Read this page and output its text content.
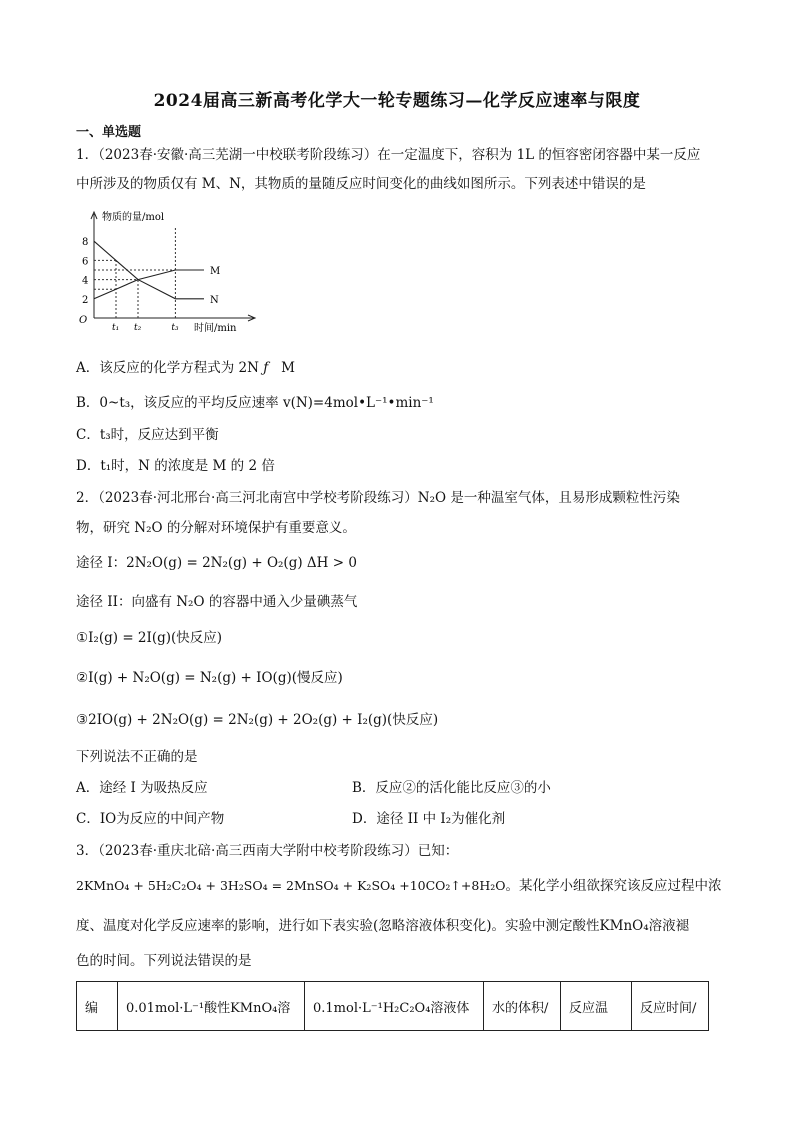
2024届高三新高考化学大一轮专题练习—化学反应速率与限度
一、单选题
1．（2023春·安徽·高三芜湖一中校联考阶段练习）在一定温度下，容积为 1L 的恒容密闭容器中某一反应
中所涉及的物质仅有 M、N，其物质的量随反应时间变化的曲线如图所示。下列表述中错误的是
物质的量/mol
时间/min
O
2
4
6
8
t₁ t₂	t₃
M
N
A．该反应的化学方程式为 2N ƒ M
B．0~t₃，该反应的平均反应速率 v(N)=4mol•L⁻¹•min⁻¹
C．t₃时，反应达到平衡
D．t₁时，N 的浓度是 M 的 2 倍
2．（2023春·河北邢台·高三河北南宫中学校考阶段练习）N₂O 是一种温室气体，且易形成颗粒性污染
物，研究 N₂O 的分解对环境保护有重要意义。
途径 I：2N₂O(g) = 2N₂(g) + O₂(g) ΔH > 0
途径 II：向盛有 N₂O 的容器中通入少量碘蒸气
①I₂(g) = 2I(g)(快反应)
②I(g) + N₂O(g) = N₂(g) + IO(g)(慢反应)
③2IO(g) + 2N₂O(g) = 2N₂(g) + 2O₂(g) + I₂(g)(快反应)
下列说法不正确的是
A．途经 I 为吸热反应	B．反应②的活化能比反应③的小
C．IO为反应的中间产物	D．途径 II 中 I₂为催化剂
3．（2023春·重庆北碚·高三西南大学附中校考阶段练习）已知：
2KMnO₄ + 5H₂C₂O₄ + 3H₂SO₄ = 2MnSO₄ + K₂SO₄ +10CO₂↑+8H₂O。某化学小组欲探究该反应过程中浓
度、温度对化学反应速率的影响，进行如下表实验(忽略溶液体积变化)。实验中测定酸性KMnO₄溶液褪
色的时间。下列说法错误的是
编	0.01mol·L⁻¹酸性KMnO₄溶	0.1mol·L⁻¹H₂C₂O₄溶液体	水的体积/	反应温	反应时间/
